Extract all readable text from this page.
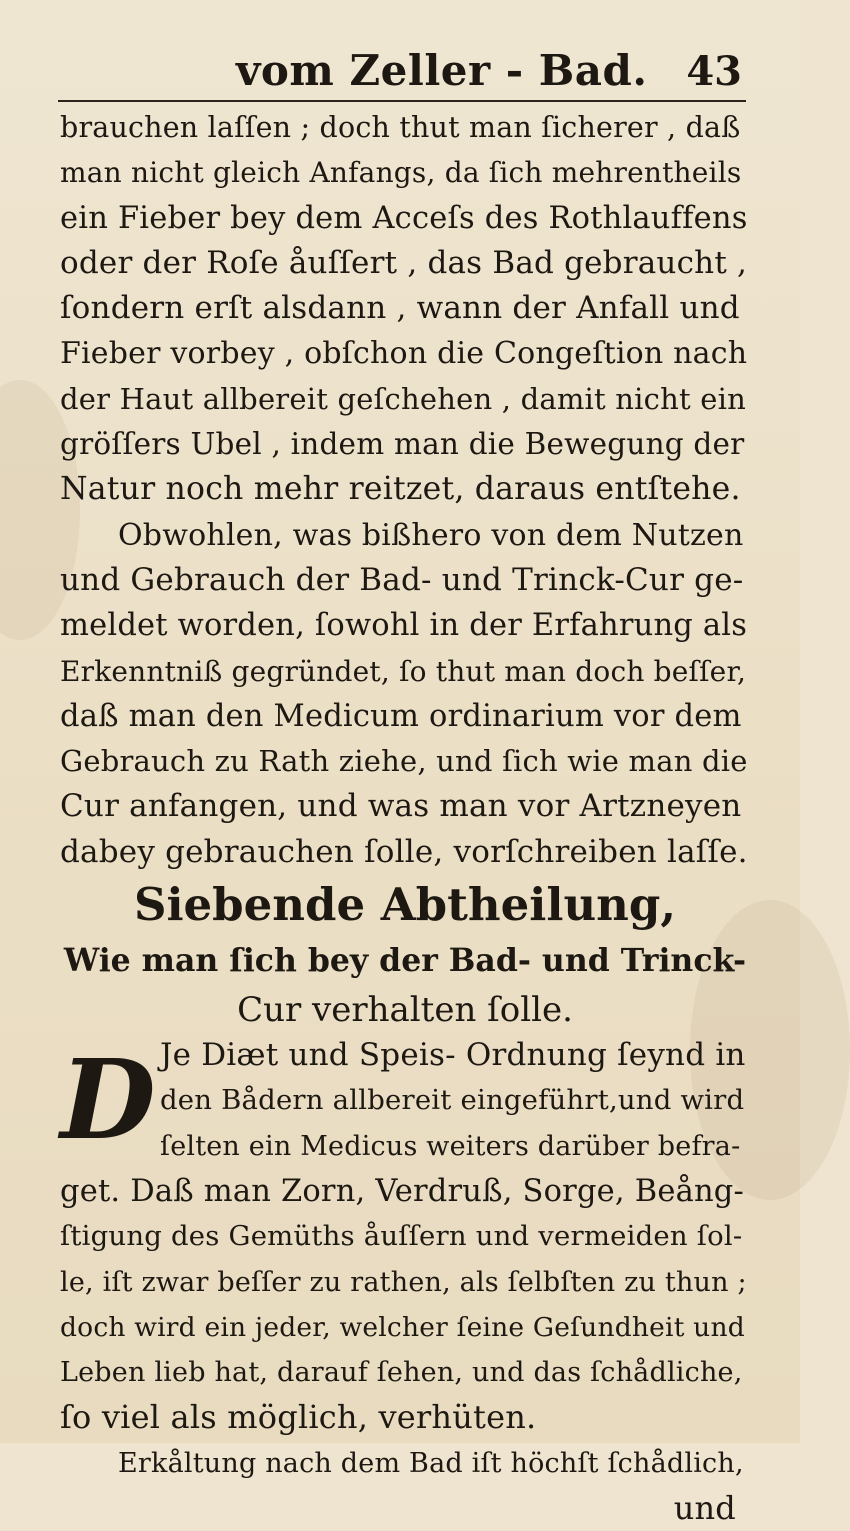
vom Zeller - Bad. 43
brauchen laſſen ; doch thut man ſicherer , daß
man nicht gleich Anfangs, da ſich mehrentheils
ein Fieber bey dem Acceſs des Rothlauffens
oder der Roſe åuſſert , das Bad gebraucht ,
ſondern erſt alsdann , wann der Anfall und
Fieber vorbey , obſchon die Congeſtion nach
der Haut allbereit geſchehen , damit nicht ein
gröſſers Ubel , indem man die Bewegung der
Natur noch mehr reitzet, daraus entſtehe.
Obwohlen, was bißhero von dem Nutzen
und Gebrauch der Bad- und Trinck-Cur ge-
meldet worden, ſowohl in der Erfahrung als
Erkenntniß gegründet, ſo thut man doch beſſer,
daß man den Medicum ordinarium vor dem
Gebrauch zu Rath ziehe, und ſich wie man die
Cur anfangen, und was man vor Artzneyen
dabey gebrauchen ſolle, vorſchreiben laſſe.
Siebende Abtheilung,
Wie man ſich bey der Bad- und Trinck-
Cur verhalten ſolle.
D Je Diæt und Speis- Ordnung ſeynd in
den Bådern allbereit eingeführt,und wird
ſelten ein Medicus weiters darüber befra-
get. Daß man Zorn, Verdruß, Sorge, Beång-
ſtigung des Gemüths åuſſern und vermeiden ſol-
le, iſt zwar beſſer zu rathen, als ſelbſten zu thun ;
doch wird ein jeder, welcher ſeine Geſundheit und
Leben lieb hat, darauf ſehen, und das ſchådliche,
ſo viel als möglich, verhüten.
Erkåltung nach dem Bad iſt höchſt ſchådlich,
und
